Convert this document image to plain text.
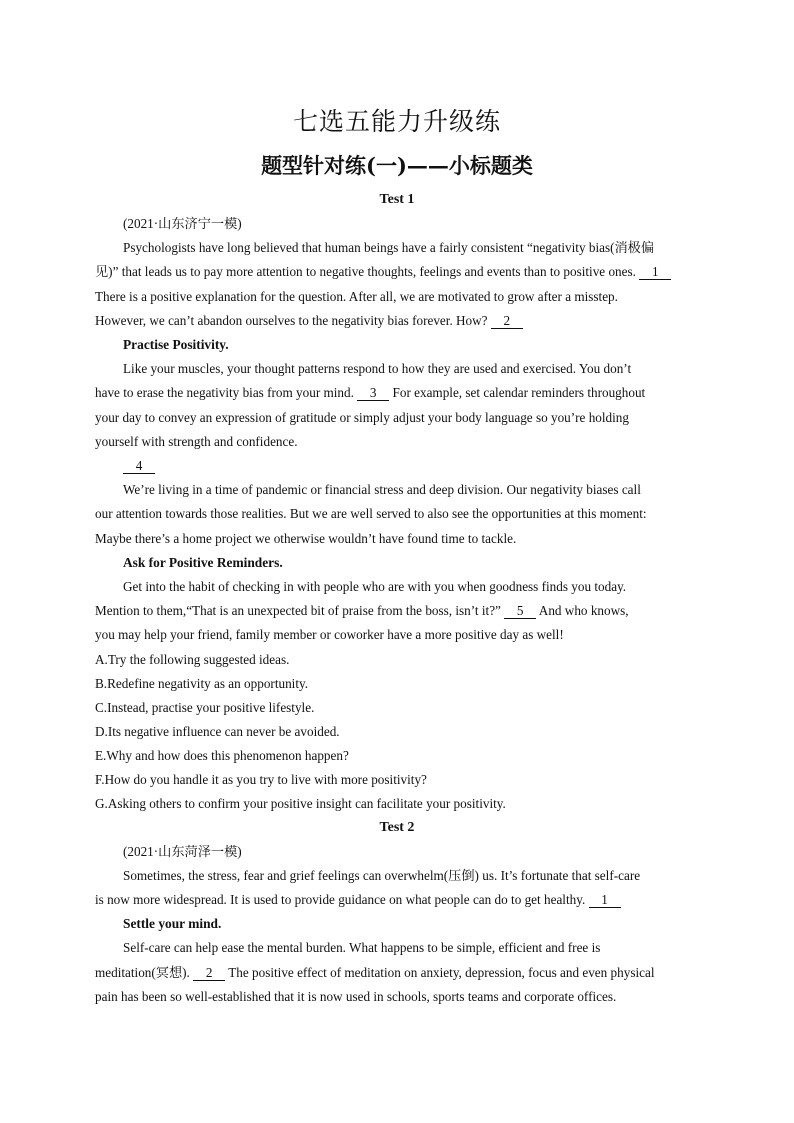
七选五能力升级练
题型针对练(一)——小标题类

Test 1

(2021·山东济宁一模)

Psychologists have long believed that human beings have a fairly consistent “negativity bias(消极偏

见)” that leads us to pay more attention to negative thoughts, feelings and events than to positive ones. 1

There is a positive explanation for the question. After all, we are motivated to grow after a misstep.

However, we can’t abandon ourselves to the negativity bias forever. How? 2

Practise Positivity.

Like your muscles, your thought patterns respond to how they are used and exercised. You don’t

have to erase the negativity bias from your mind. 3 For example, set calendar reminders throughout

your day to convey an expression of gratitude or simply adjust your body language so you’re holding

yourself with strength and confidence.

4

We’re living in a time of pandemic or financial stress and deep division. Our negativity biases call

our attention towards those realities. But we are well served to also see the opportunities at this moment:

Maybe there’s a home project we otherwise wouldn’t have found time to tackle.

Ask for Positive Reminders.

Get into the habit of checking in with people who are with you when goodness finds you today.

Mention to them,“That is an unexpected bit of praise from the boss, isn’t it?” 5 And who knows,

you may help your friend, family member or coworker have a more positive day as well!

A.Try the following suggested ideas.

B.Redefine negativity as an opportunity.

C.Instead, practise your positive lifestyle.

D.Its negative influence can never be avoided.

E.Why and how does this phenomenon happen?

F.How do you handle it as you try to live with more positivity?

G.Asking others to confirm your positive insight can facilitate your positivity.

Test 2

(2021·山东菏泽一模)

Sometimes, the stress, fear and grief feelings can overwhelm(压倒) us. It’s fortunate that self-care

is now more widespread. It is used to provide guidance on what people can do to get healthy. 1

Settle your mind.

Self-care can help ease the mental burden. What happens to be simple, efficient and free is

meditation(冥想). 2 The positive effect of meditation on anxiety, depression, focus and even physical

pain has been so well-established that it is now used in schools, sports teams and corporate offices.
